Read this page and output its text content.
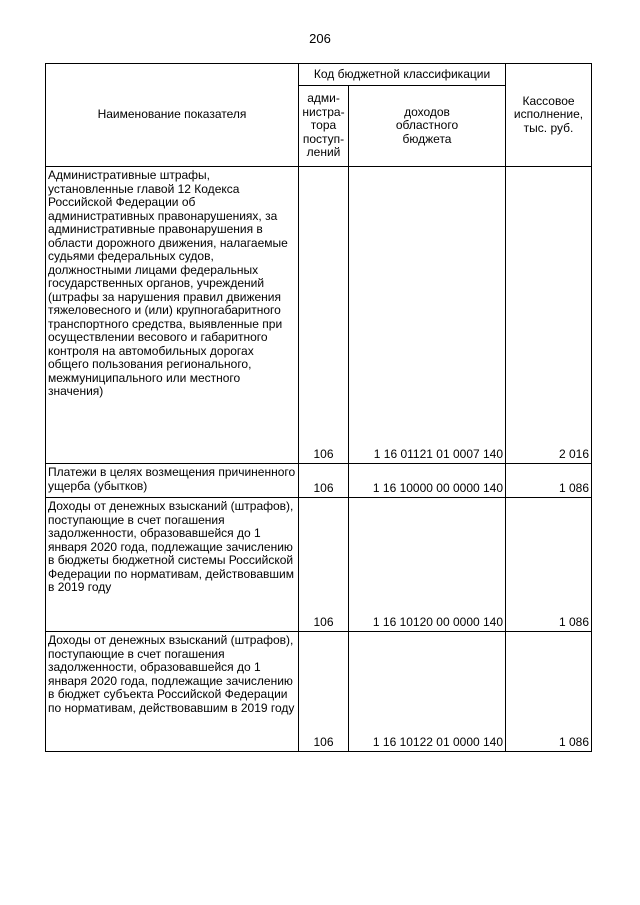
206
Наименование показателя	Код бюджетной классификации		Кассовое
исполнение,
тыс. руб.
	адми-
нистра-
тора
поступ-
лений	доходов
областного
бюджета	
Административные штрафы, установленные главой 12 Кодекса Российской Федерации об административных правонарушениях, за административные правонарушения в области дорожного движения, налагаемые судьями федеральных судов, должностными лицами федеральных государственных органов, учреждений (штрафы за нарушения правил движения тяжеловесного и (или) крупногабаритного транспортного средства, выявленные при осуществлении весового и габаритного контроля на автомобильных дорогах общего пользования регионального, межмуниципального или местного значения)	106	1 16 01121 01 0007 140	2 016
Платежи в целях возмещения причиненного ущерба (убытков)	106	1 16 10000 00 0000 140	1 086
Доходы от денежных взысканий (штрафов), поступающие в счет погашения задолженности, образовавшейся до 1 января 2020 года, подлежащие зачислению в бюджеты бюджетной системы Российской Федерации по нормативам, действовавшим в 2019 году	106	1 16 10120 00 0000 140	1 086
Доходы от денежных взысканий (штрафов), поступающие в счет погашения задолженности, образовавшейся до 1 января 2020 года, подлежащие зачислению в бюджет субъекта Российской Федерации по нормативам, действовавшим в 2019 году	106	1 16 10122 01 0000 140	1 086
